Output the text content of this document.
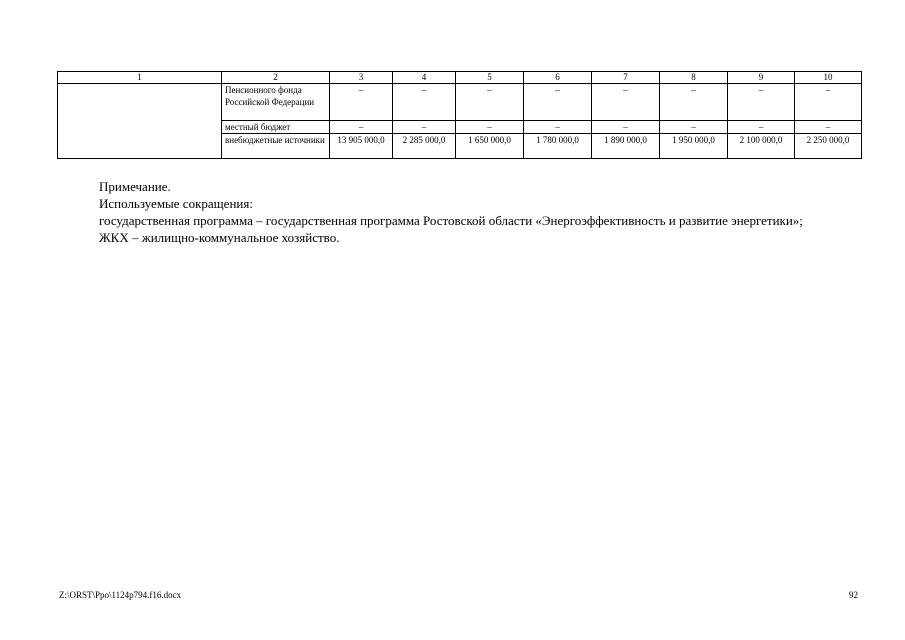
1	2	3	4	5	6	7	8	9	10
	Пенсионного фонда Российской Федерации	–	–	–	–	–	–	–	–
	местный бюджет	–	–	–	–	–	–	–	–
	внебюджетные источники	13 905 000,0	2 285 000,0	1 650 000,0	1 780 000,0	1 890 000,0	1 950 000,0	2 100 000,0	2 250 000,0

Примечание.

Используемые сокращения:

государственная программа – государственная программа Ростовской области «Энергоэффективность и развитие энергетики»;

ЖКХ – жилищно-коммунальное хозяйство.

Z:\ORST\Ppo\1124p794.f16.docx	92
